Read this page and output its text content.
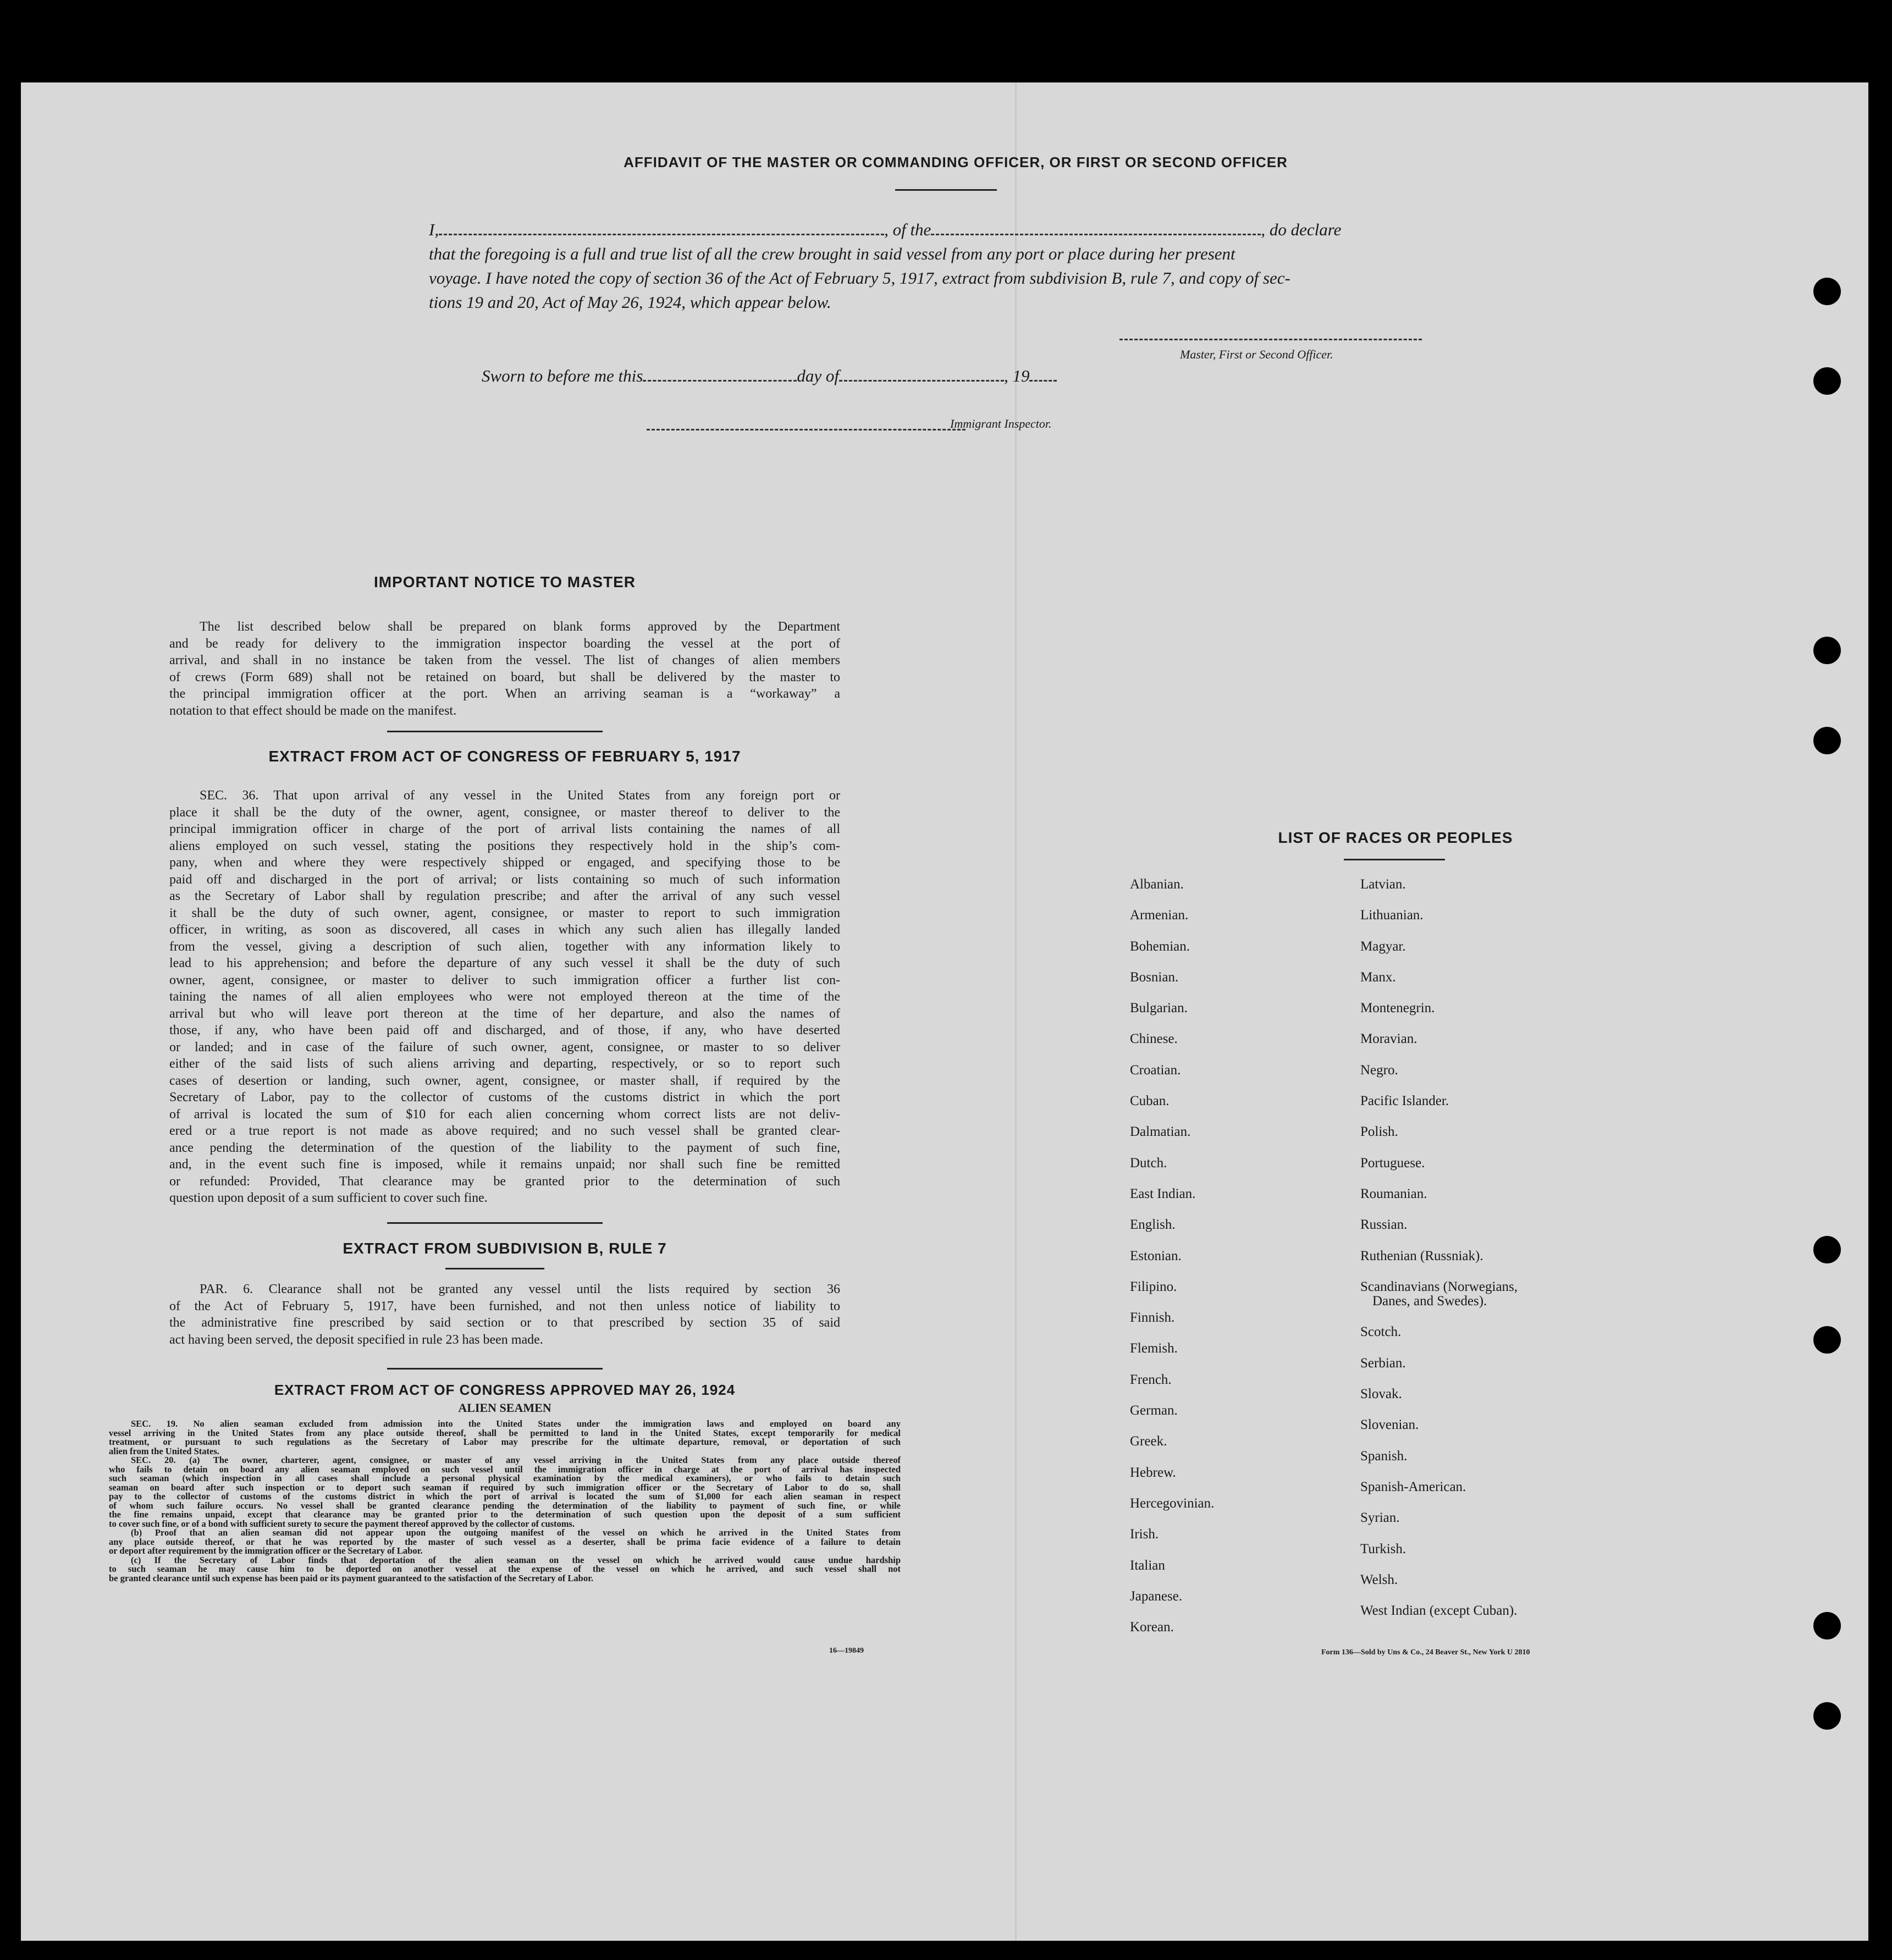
AFFIDAVIT OF THE MASTER OR COMMANDING OFFICER, OR FIRST OR SECOND OFFICER
I,	, of the	, do declare
that the foregoing is a full and true list of all the crew brought in said vessel from any port or place during her present
voyage. I have noted the copy of section 36 of the Act of February 5, 1917, extract from subdivision B, rule 7, and copy of sec-
tions 19 and 20, Act of May 26, 1924, which appear below.
Master, First or Second Officer.
Sworn to before me this	day of	, 19
Immigrant Inspector.
IMPORTANT NOTICE TO MASTER
The list described below shall be prepared on blank forms approved by the Department
and be ready for delivery to the immigration inspector boarding the vessel at the port of
arrival, and shall in no instance be taken from the vessel. The list of changes of alien members
of crews (Form 689) shall not be retained on board, but shall be delivered by the master to
the principal immigration officer at the port. When an arriving seaman is a “workaway” a
notation to that effect should be made on the manifest.
EXTRACT FROM ACT OF CONGRESS OF FEBRUARY 5, 1917
SEC. 36. That upon arrival of any vessel in the United States from any foreign port or
place it shall be the duty of the owner, agent, consignee, or master thereof to deliver to the
principal immigration officer in charge of the port of arrival lists containing the names of all
aliens employed on such vessel, stating the positions they respectively hold in the ship’s com-
pany, when and where they were respectively shipped or engaged, and specifying those to be
paid off and discharged in the port of arrival; or lists containing so much of such information
as the Secretary of Labor shall by regulation prescribe; and after the arrival of any such vessel
it shall be the duty of such owner, agent, consignee, or master to report to such immigration
officer, in writing, as soon as discovered, all cases in which any such alien has illegally landed
from the vessel, giving a description of such alien, together with any information likely to
lead to his apprehension; and before the departure of any such vessel it shall be the duty of such
owner, agent, consignee, or master to deliver to such immigration officer a further list con-
taining the names of all alien employees who were not employed thereon at the time of the
arrival but who will leave port thereon at the time of her departure, and also the names of
those, if any, who have been paid off and discharged, and of those, if any, who have deserted
or landed; and in case of the failure of such owner, agent, consignee, or master to so deliver
either of the said lists of such aliens arriving and departing, respectively, or so to report such
cases of desertion or landing, such owner, agent, consignee, or master shall, if required by the
Secretary of Labor, pay to the collector of customs of the customs district in which the port
of arrival is located the sum of $10 for each alien concerning whom correct lists are not deliv-
ered or a true report is not made as above required; and no such vessel shall be granted clear-
ance pending the determination of the question of the liability to the payment of such fine,
and, in the event such fine is imposed, while it remains unpaid; nor shall such fine be remitted
or refunded: Provided, That clearance may be granted prior to the determination of such
question upon deposit of a sum sufficient to cover such fine.
EXTRACT FROM SUBDIVISION B, RULE 7
PAR. 6. Clearance shall not be granted any vessel until the lists required by section 36
of the Act of February 5, 1917, have been furnished, and not then unless notice of liability to
the administrative fine prescribed by said section or to that prescribed by section 35 of said
act having been served, the deposit specified in rule 23 has been made.
EXTRACT FROM ACT OF CONGRESS APPROVED MAY 26, 1924
ALIEN SEAMEN
SEC. 19. No alien seaman excluded from admission into the United States under the immigration laws and employed on board any
vessel arriving in the United States from any place outside thereof, shall be permitted to land in the United States, except temporarily for medical
treatment, or pursuant to such regulations as the Secretary of Labor may prescribe for the ultimate departure, removal, or deportation of such
alien from the United States.
SEC. 20. (a) The owner, charterer, agent, consignee, or master of any vessel arriving in the United States from any place outside thereof
who fails to detain on board any alien seaman employed on such vessel until the immigration officer in charge at the port of arrival has inspected
such seaman (which inspection in all cases shall include a personal physical examination by the medical examiners), or who fails to detain such
seaman on board after such inspection or to deport such seaman if required by such immigration officer or the Secretary of Labor to do so, shall
pay to the collector of customs of the customs district in which the port of arrival is located the sum of $1,000 for each alien seaman in respect
of whom such failure occurs. No vessel shall be granted clearance pending the determination of the liability to payment of such fine, or while
the fine remains unpaid, except that clearance may be granted prior to the determination of such question upon the deposit of a sum sufficient
to cover such fine, or of a bond with sufficient surety to secure the payment thereof approved by the collector of customs.
(b) Proof that an alien seaman did not appear upon the outgoing manifest of the vessel on which he arrived in the United States from
any place outside thereof, or that he was reported by the master of such vessel as a deserter, shall be prima facie evidence of a failure to detain
or deport after requirement by the immigration officer or the Secretary of Labor.
(c) If the Secretary of Labor finds that deportation of the alien seaman on the vessel on which he arrived would cause undue hardship
to such seaman he may cause him to be deported on another vessel at the expense of the vessel on which he arrived, and such vessel shall not
be granted clearance until such expense has been paid or its payment guaranteed to the satisfaction of the Secretary of Labor.
16—19849
LIST OF RACES OR PEOPLES
Albanian.
Armenian.
Bohemian.
Bosnian.
Bulgarian.
Chinese.
Croatian.
Cuban.
Dalmatian.
Dutch.
East Indian.
English.
Estonian.
Filipino.
Finnish.
Flemish.
French.
German.
Greek.
Hebrew.
Hercegovinian.
Irish.
Italian
Japanese.
Korean.
Latvian.
Lithuanian.
Magyar.
Manx.
Montenegrin.
Moravian.
Negro.
Pacific Islander.
Polish.
Portuguese.
Roumanian.
Russian.
Ruthenian (Russniak).
Scandinavians (Norwegians,
Danes, and Swedes).
Scotch.
Serbian.
Slovak.
Slovenian.
Spanish.
Spanish-American.
Syrian.
Turkish.
Welsh.
West Indian (except Cuban).
Form 136—Sold by Uns & Co., 24 Beaver St., New York U 2810
